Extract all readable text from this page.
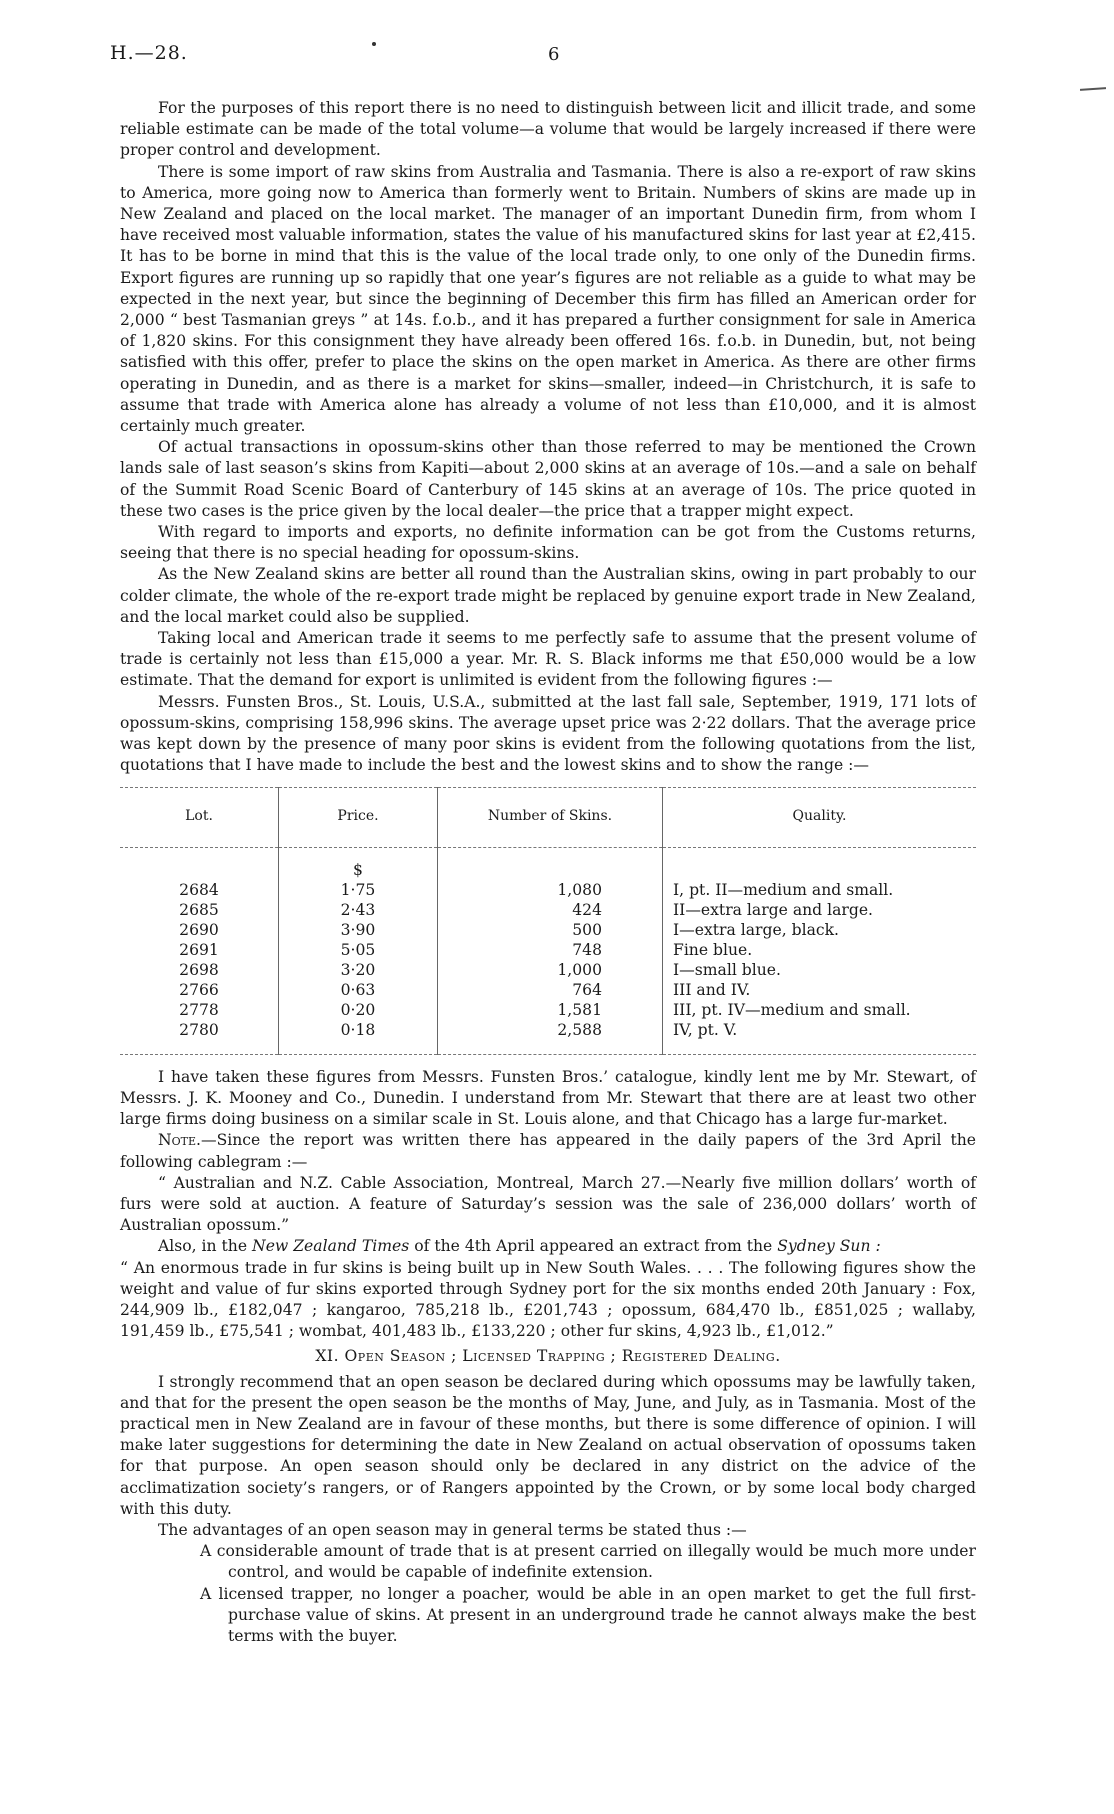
H.—28.	6

For the purposes of this report there is no need to distinguish between licit and illicit trade, and some reliable estimate can be made of the total volume—a volume that would be largely increased if there were proper control and development.

There is some import of raw skins from Australia and Tasmania. There is also a re-export of raw skins to America, more going now to America than formerly went to Britain. Numbers of skins are made up in New Zealand and placed on the local market. The manager of an important Dunedin firm, from whom I have received most valuable information, states the value of his manufactured skins for last year at £2,415. It has to be borne in mind that this is the value of the local trade only, to one only of the Dunedin firms. Export figures are running up so rapidly that one year’s figures are not reliable as a guide to what may be expected in the next year, but since the beginning of December this firm has filled an American order for 2,000 “ best Tasmanian greys ” at 14s. f.o.b., and it has prepared a further consignment for sale in America of 1,820 skins. For this consignment they have already been offered 16s. f.o.b. in Dunedin, but, not being satisfied with this offer, prefer to place the skins on the open market in America. As there are other firms operating in Dunedin, and as there is a market for skins—smaller, indeed—in Christchurch, it is safe to assume that trade with America alone has already a volume of not less than £10,000, and it is almost certainly much greater.

Of actual transactions in opossum-skins other than those referred to may be mentioned the Crown lands sale of last season’s skins from Kapiti—about 2,000 skins at an average of 10s.—and a sale on behalf of the Summit Road Scenic Board of Canterbury of 145 skins at an average of 10s. The price quoted in these two cases is the price given by the local dealer—the price that a trapper might expect.

With regard to imports and exports, no definite information can be got from the Customs returns, seeing that there is no special heading for opossum-skins.

As the New Zealand skins are better all round than the Australian skins, owing in part probably to our colder climate, the whole of the re-export trade might be replaced by genuine export trade in New Zealand, and the local market could also be supplied.

Taking local and American trade it seems to me perfectly safe to assume that the present volume of trade is certainly not less than £15,000 a year. Mr. R. S. Black informs me that £50,000 would be a low estimate. That the demand for export is unlimited is evident from the following figures :—

Messrs. Funsten Bros., St. Louis, U.S.A., submitted at the last fall sale, September, 1919, 171 lots of opossum-skins, comprising 158,996 skins. The average upset price was 2·22 dollars. That the average price was kept down by the presence of many poor skins is evident from the following quotations from the list, quotations that I have made to include the best and the lowest skins and to show the range :—

Lot.	Price.	Number of Skins.	Quality.
	$		
2684	1·75	1,080	I, pt. II—medium and small.
2685	2·43	424	II—extra large and large.
2690	3·90	500	I—extra large, black.
2691	5·05	748	Fine blue.
2698	3·20	1,000	I—small blue.
2766	0·63	764	III and IV.
2778	0·20	1,581	III, pt. IV—medium and small.
2780	0·18	2,588	IV, pt. V.

I have taken these figures from Messrs. Funsten Bros.’ catalogue, kindly lent me by Mr. Stewart, of Messrs. J. K. Mooney and Co., Dunedin. I understand from Mr. Stewart that there are at least two other large firms doing business on a similar scale in St. Louis alone, and that Chicago has a large fur-market.

Note.—Since the report was written there has appeared in the daily papers of the 3rd April the following cablegram :—

“ Australian and N.Z. Cable Association, Montreal, March 27.—Nearly five million dollars’ worth of furs were sold at auction. A feature of Saturday’s session was the sale of 236,000 dollars’ worth of Australian opossum.”

Also, in the New Zealand Times of the 4th April appeared an extract from the Sydney Sun :

“ An enormous trade in fur skins is being built up in New South Wales. . . . The following figures show the weight and value of fur skins exported through Sydney port for the six months ended 20th January : Fox, 244,909 lb., £182,047 ; kangaroo, 785,218 lb., £201,743 ; opossum, 684,470 lb., £851,025 ; wallaby, 191,459 lb., £75,541 ; wombat, 401,483 lb., £133,220 ; other fur skins, 4,923 lb., £1,012.”

XI. Open Season ; Licensed Trapping ; Registered Dealing.

I strongly recommend that an open season be declared during which opossums may be lawfully taken, and that for the present the open season be the months of May, June, and July, as in Tasmania. Most of the practical men in New Zealand are in favour of these months, but there is some difference of opinion. I will make later suggestions for determining the date in New Zealand on actual observation of opossums taken for that purpose. An open season should only be declared in any district on the advice of the acclimatization society’s rangers, or of Rangers appointed by the Crown, or by some local body charged with this duty.

The advantages of an open season may in general terms be stated thus :—

A considerable amount of trade that is at present carried on illegally would be much more under control, and would be capable of indefinite extension.

A licensed trapper, no longer a poacher, would be able in an open market to get the full first-purchase value of skins. At present in an underground trade he cannot always make the best terms with the buyer.
